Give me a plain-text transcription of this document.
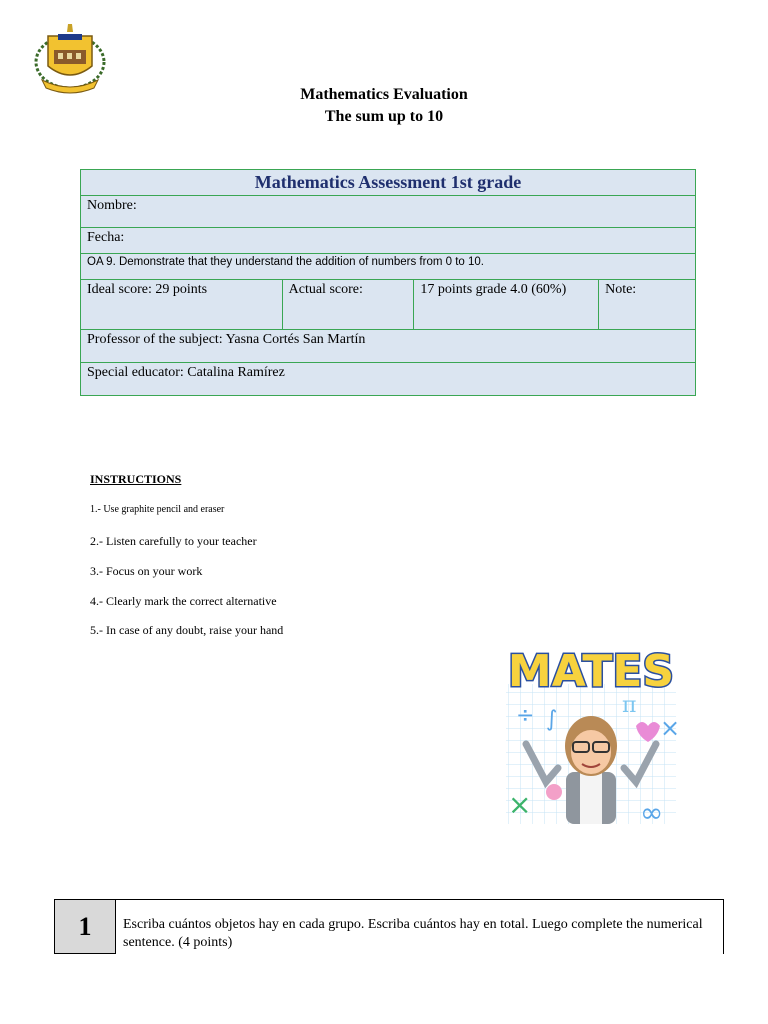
Mathematics Evaluation
The sum up to 10
Mathematics Assessment 1st grade
Nombre:
Fecha:
OA 9. Demonstrate that they understand the addition of numbers from 0 to 10.
Ideal score: 29 points	Actual score:	17 points grade 4.0 (60%)	Note:
Professor of the subject: Yasna Cortés San Martín
Special educator: Catalina Ramírez
INSTRUCTIONS
1.- Use graphite pencil and eraser
2.- Listen carefully to your teacher
3.- Focus on your work
4.- Clearly mark the correct alternative
5.- In case of any doubt, raise your hand
MATES
÷ ∫
π
×
×	∞
1	Escriba cuántos objetos hay en cada grupo. Escriba cuántos hay en total. Luego complete the numerical sentence. (4 points)
